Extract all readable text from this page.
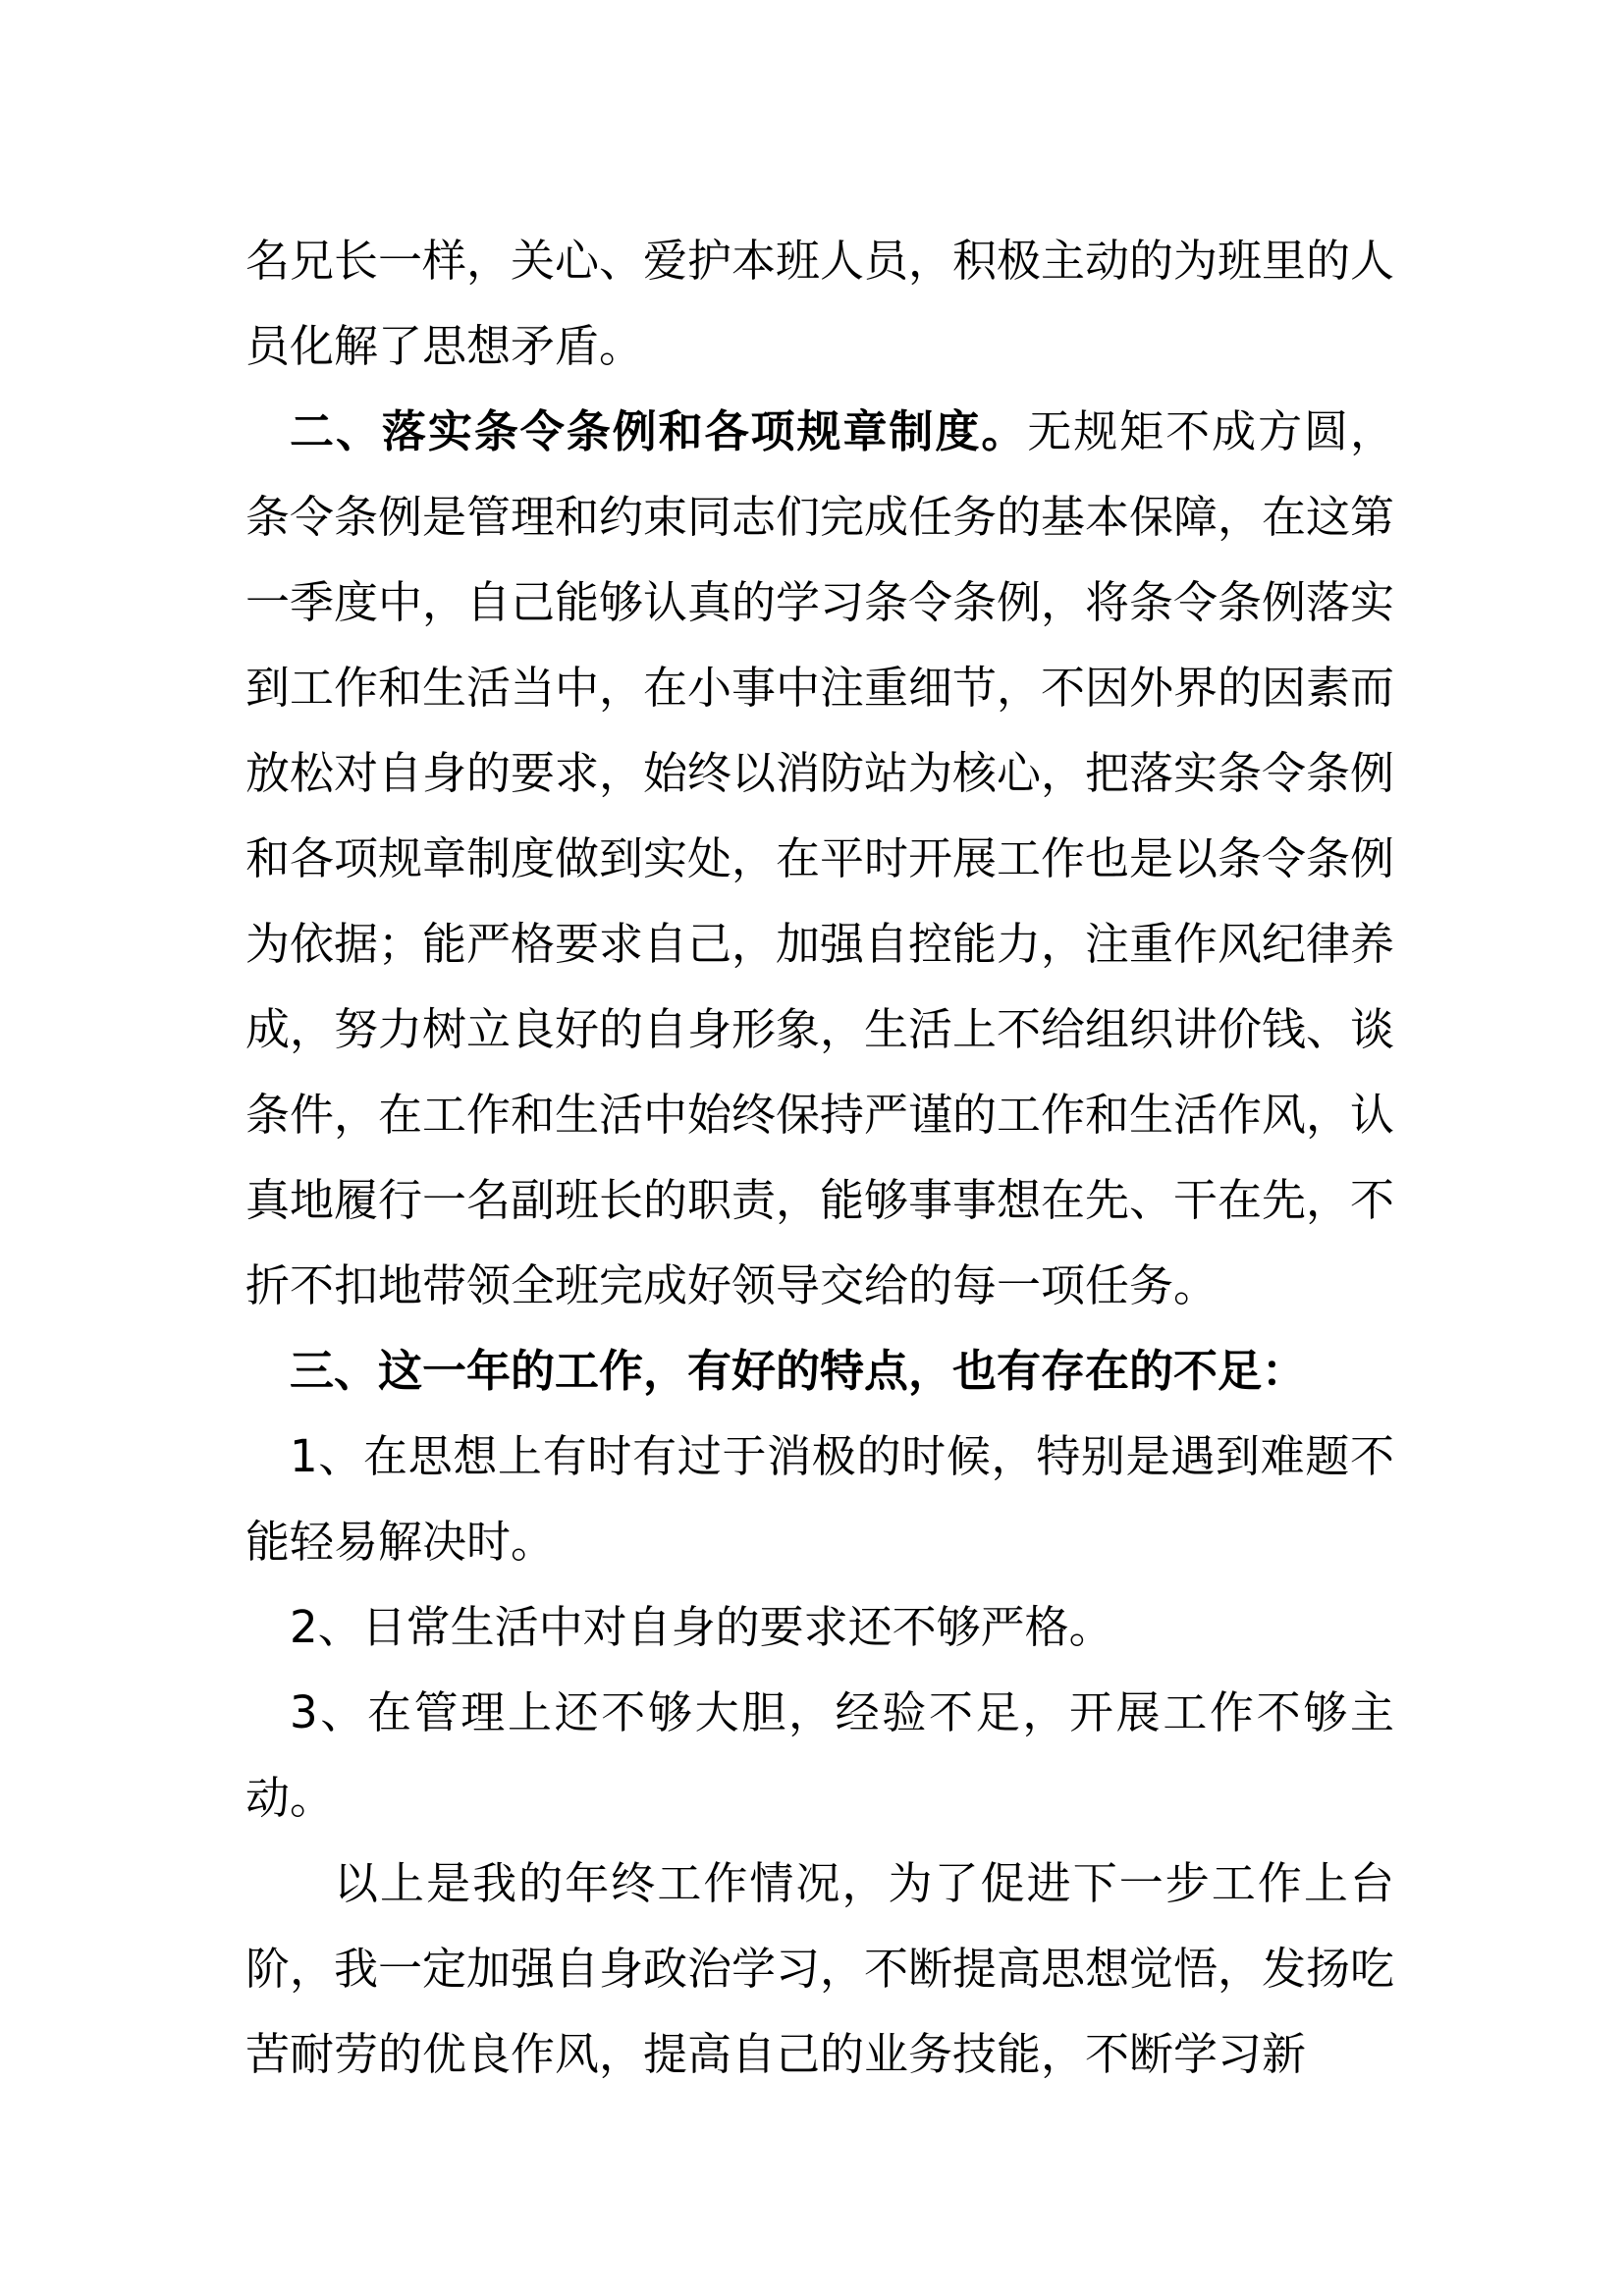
名兄长一样，关心、爱护本班人员，积极主动的为班里的人员化解了思想矛盾。

二、落实条令条例和各项规章制度。无规矩不成方圆，条令条例是管理和约束同志们完成任务的基本保障，在这第一季度中，自己能够认真的学习条令条例，将条令条例落实到工作和生活当中，在小事中注重细节，不因外界的因素而放松对自身的要求，始终以消防站为核心，把落实条令条例和各项规章制度做到实处，在平时开展工作也是以条令条例为依据；能严格要求自己，加强自控能力，注重作风纪律养成，努力树立良好的自身形象，生活上不给组织讲价钱、谈条件，在工作和生活中始终保持严谨的工作和生活作风，认真地履行一名副班长的职责，能够事事想在先、干在先，不折不扣地带领全班完成好领导交给的每一项任务。

三、这一年的工作，有好的特点，也有存在的不足：

1、在思想上有时有过于消极的时候，特别是遇到难题不能轻易解决时。

2、日常生活中对自身的要求还不够严格。

3、在管理上还不够大胆，经验不足，开展工作不够主动。

以上是我的年终工作情况，为了促进下一步工作上台阶，我一定加强自身政治学习，不断提高思想觉悟，发扬吃苦耐劳的优良作风，提高自己的业务技能，不断学习新
